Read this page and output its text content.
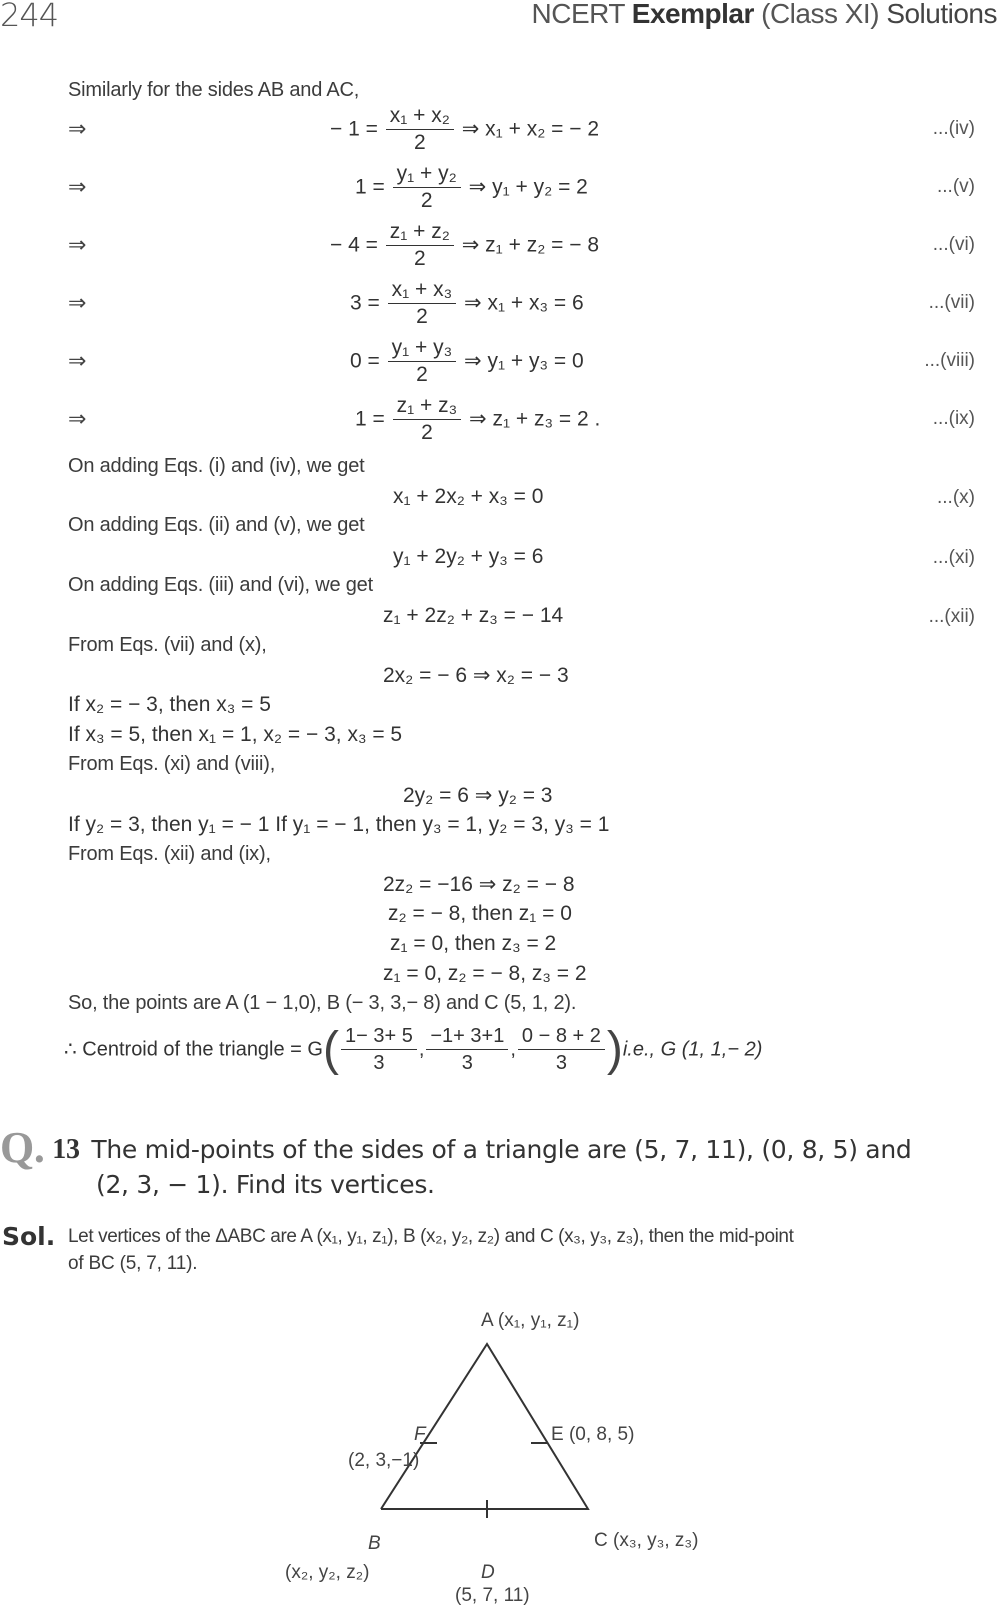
244	NCERT Exemplar (Class XI) Solutions
Similarly for the sides AB and AC,
⇒	− $1 = \frac{\text{x₁ + x₂}}{2}$ ⇒ x₁ + x₂ = − 2	...(iv)
⇒	$1 = \frac{\text{y₁ + y₂}}{2}$ ⇒ y₁ + y₂ = 2	...(v)
⇒	− $4 = \frac{\text{z₁ + z₂}}{2}$ ⇒ z₁ + z₂ = − 8	...(vi)
⇒	$3 = \frac{\text{x₁ + x₃}}{2}$ ⇒ x₁ + x₃ = 6	...(vii)
⇒	$0 = \frac{\text{y₁ + y₃}}{2}$ ⇒ y₁ + y₃ = 0	...(viii)
⇒	$1 = \frac{\text{z₁ + z₃}}{2}$ ⇒ z₁ + z₃ = 2 .	...(ix)
On adding Eqs. (i) and (iv), we get
x₁ + 2x₂ + x₃ = 0	...(x)
On adding Eqs. (ii) and (v), we get
y₁ + 2y₂ + y₃ = 6	...(xi)
On adding Eqs. (iii) and (vi), we get
z₁ + 2z₂ + z₃ = − 14	...(xii)
From Eqs. (vii) and (x),
2x₂ = − 6 ⇒ x₂ = − 3
If x₂ = − 3, then x₃ = 5
If x₃ = 5, then x₁ = 1, x₂ = − 3, x₃ = 5
From Eqs. (xi) and (viii),
2y₂ = 6 ⇒ y₂ = 3
If y₂ = 3, then y₁ = − 1 If y₁ = − 1, then y₃ = 1, y₂ = 3, y₃ = 1
From Eqs. (xii) and (ix),
2z₂ = −16 ⇒ z₂ = − 8
z₂ = − 8, then z₁ = 0
z₁ = 0, then z₃ = 2
z₁ = 0, z₂ = − 8, z₃ = 2
So, the points are A (1 − 1,0), B (− 3, 3,− 8) and C (5, 1, 2).
∴ Centroid of the triangle = $G( \frac{1- 3+ 5}{3}$ , $\frac{-1+ 3+1}{3}$ , $\frac{0 - 8 + 2}{3} )i.e$., G (1, 1,− 2)
Q. 13 The mid-points of the sides of a triangle are (5, 7, 11), (0, 8, 5) and
(2, 3, − 1). Find its vertices.
Sol. Let vertices of the ΔABC are A (x₁, y₁, z₁), B (x₂, y₂, z₂) and C (x₃, y₃, z₃), then the mid-point
of BC (5, 7, 11).
A (x₁, y₁, z₁)
F
(2, 3,−1)
E (0, 8, 5)
B
(x₂, y₂, z₂)
C (x₃, y₃, z₃)
D
(5, 7, 11)
